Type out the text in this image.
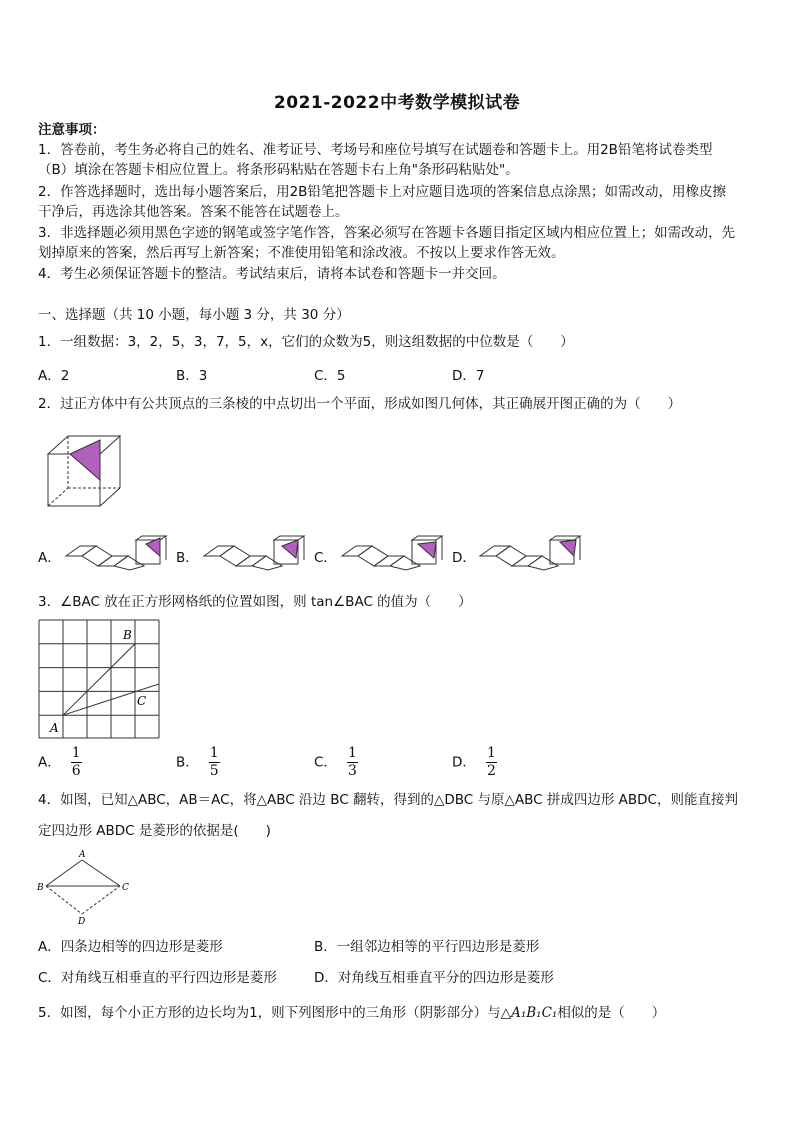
2021-2022中考数学模拟试卷
注意事项：
1．答卷前，考生务必将自己的姓名、准考证号、考场号和座位号填写在试题卷和答题卡上。用2B铅笔将试卷类型
（B）填涂在答题卡相应位置上。将条形码粘贴在答题卡右上角"条形码粘贴处"。
2．作答选择题时，选出每小题答案后，用2B铅笔把答题卡上对应题目选项的答案信息点涂黑；如需改动，用橡皮擦
干净后，再选涂其他答案。答案不能答在试题卷上。
3．非选择题必须用黑色字迹的钢笔或签字笔作答，答案必须写在答题卡各题目指定区域内相应位置上；如需改动，先
划掉原来的答案，然后再写上新答案；不准使用铅笔和涂改液。不按以上要求作答无效。
4．考生必须保证答题卡的整洁。考试结束后，请将本试卷和答题卡一并交回。
一、选择题（共 10 小题，每小题 3 分，共 30 分）
1．一组数据：3，2，5，3，7，5，x，它们的众数为5，则这组数据的中位数是（　　）
A．2	B．3	C．5	D．7
2．过正方体中有公共顶点的三条棱的中点切出一个平面，形成如图几何体，其正确展开图正确的为（　　）
A．	B．	C．	D．
3．∠BAC 放在正方形网格纸的位置如图，则 tan∠BAC 的值为（　　）
B
C
A
A． $\frac{1}{6}$	B． $\frac{1}{5}$	C． $\frac{1}{3}$	D． $\frac{1}{2}$
4．如图，已知△ABC，AB＝AC，将△ABC 沿边 BC 翻转，得到的△DBC 与原△ABC 拼成四边形 ABDC，则能直接判
定四边形 ABDC 是菱形的依据是(　　)
A
B	C
D
A．四条边相等的四边形是菱形	B．一组邻边相等的平行四边形是菱形
C．对角线互相垂直的平行四边形是菱形	D．对角线互相垂直平分的四边形是菱形
5．如图，每个小正方形的边长均为1，则下列图形中的三角形（阴影部分）与△A₁B₁C₁相似的是（　　）
